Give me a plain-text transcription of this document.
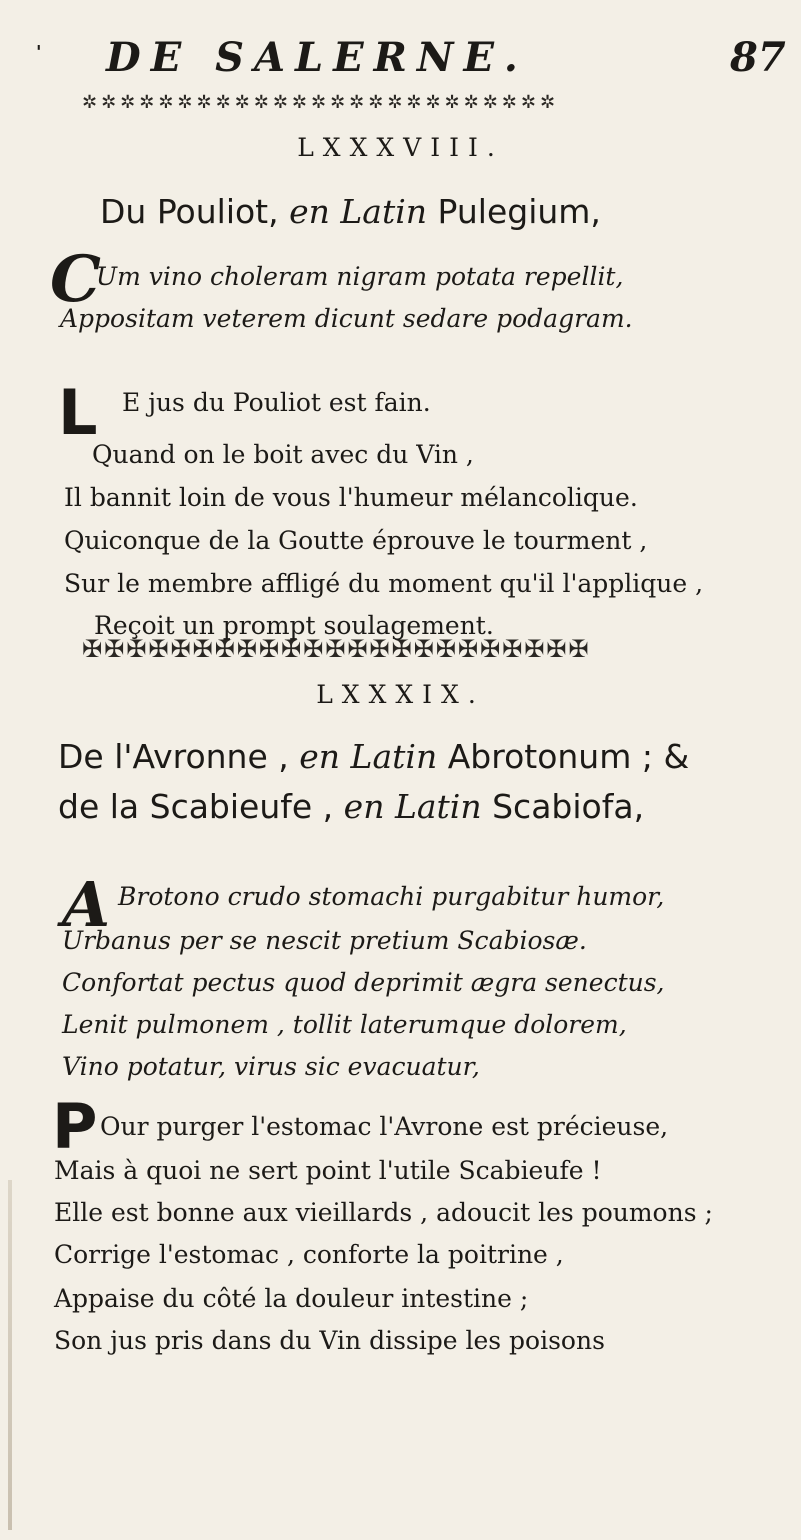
' DE SALERNE.	87
✲✲✲✲✲✲✲✲✲✲✲✲✲✲✲✲✲✲✲✲✲✲✲✲✲
LXXXVIII.
Du Pouliot, en Latin Pulegium,
C
Um vino choleram nigram potata repellit,
Appositam veterem dicunt sedare podagram.
L E jus du Pouliot est fain.
Quand on le boit avec du Vin ,
Il bannit loin de vous l'humeur mélancolique.
Quiconque de la Goutte éprouve le tourment ,
Sur le membre affligé du moment qu'il l'applique ,
Reçoit un prompt soulagement.
✠✠✠✠✠✠✠✠✠✠✠✠✠✠✠✠✠✠✠✠✠✠✠
LXXXIX.
De l'Avronne , en Latin Abrotonum ; &
de la Scabieufe , en Latin Scabiofa,
A Brotono crudo stomachi purgabitur humor,
Urbanus per se nescit pretium Scabiosæ.
Confortat pectus quod deprimit ægra senectus,
Lenit pulmonem , tollit laterumque dolorem,
Vino potatur, virus sic evacuatur,
P Our purger l'estomac l'Avrone est précieuse,
Mais à quoi ne sert point l'utile Scabieufe !
Elle est bonne aux vieillards , adoucit les poumons ;
Corrige l'estomac , conforte la poitrine ,
Appaise du côté la douleur intestine ;
Son jus pris dans du Vin dissipe les poisons
